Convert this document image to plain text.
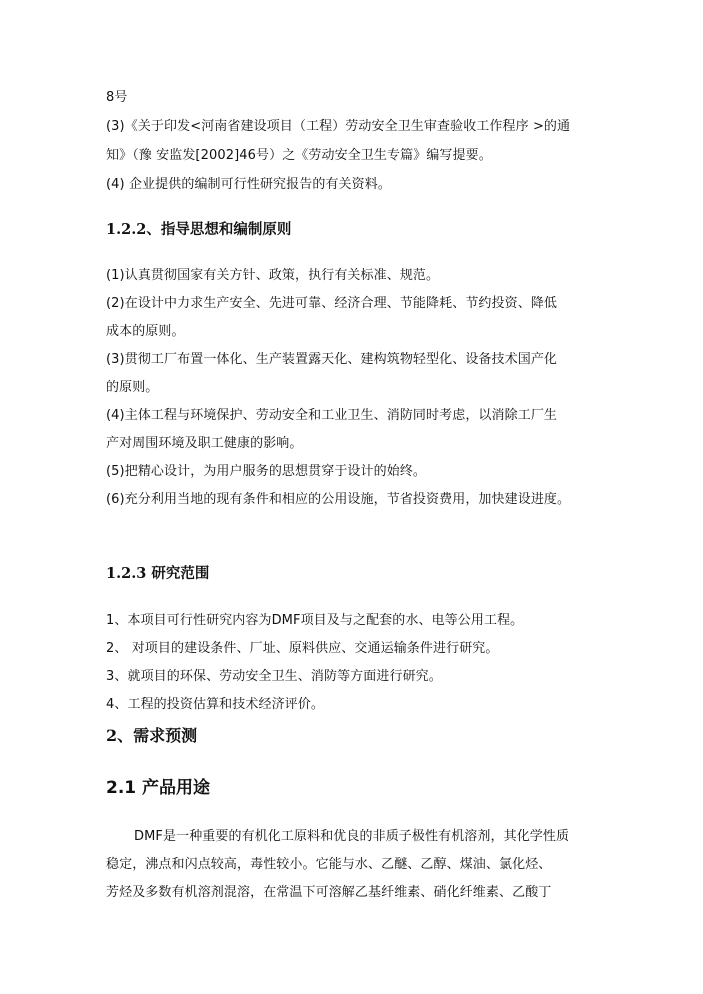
8号
(3)《关于印发<河南省建设项目（工程）劳动安全卫生审查验收工作程序 >的通
知》（豫 安监发[2002]46号）之《劳动安全卫生专篇》编写提要。
(4) 企业提供的编制可行性研究报告的有关资料。
1.2.2、指导思想和编制原则
(1)认真贯彻国家有关方针、政策，执行有关标准、规范。
(2)在设计中力求生产安全、先进可靠、经济合理、节能降耗、节约投资、降低
成本的原则。
(3)贯彻工厂布置一体化、生产装置露天化、建构筑物轻型化、设备技术国产化
的原则。
(4)主体工程与环境保护、劳动安全和工业卫生、消防同时考虑，以消除工厂生
产对周围环境及职工健康的影响。
(5)把精心设计，为用户服务的思想贯穿于设计的始终。
(6)充分利用当地的现有条件和相应的公用设施，节省投资费用，加快建设进度。
1.2.3 研究范围
1、本项目可行性研究内容为DMF项目及与之配套的水、电等公用工程。
2、 对项目的建设条件、厂址、原料供应、交通运输条件进行研究。
3、就项目的环保、劳动安全卫生、消防等方面进行研究。
4、工程的投资估算和技术经济评价。
2、需求预测
2.1 产品用途
DMF是一种重要的有机化工原料和优良的非质子极性有机溶剂，其化学性质
稳定，沸点和闪点较高，毒性较小。它能与水、乙醚、乙醇、煤油、氯化烃、
芳烃及多数有机溶剂混溶，在常温下可溶解乙基纤维素、硝化纤维素、乙酸丁
